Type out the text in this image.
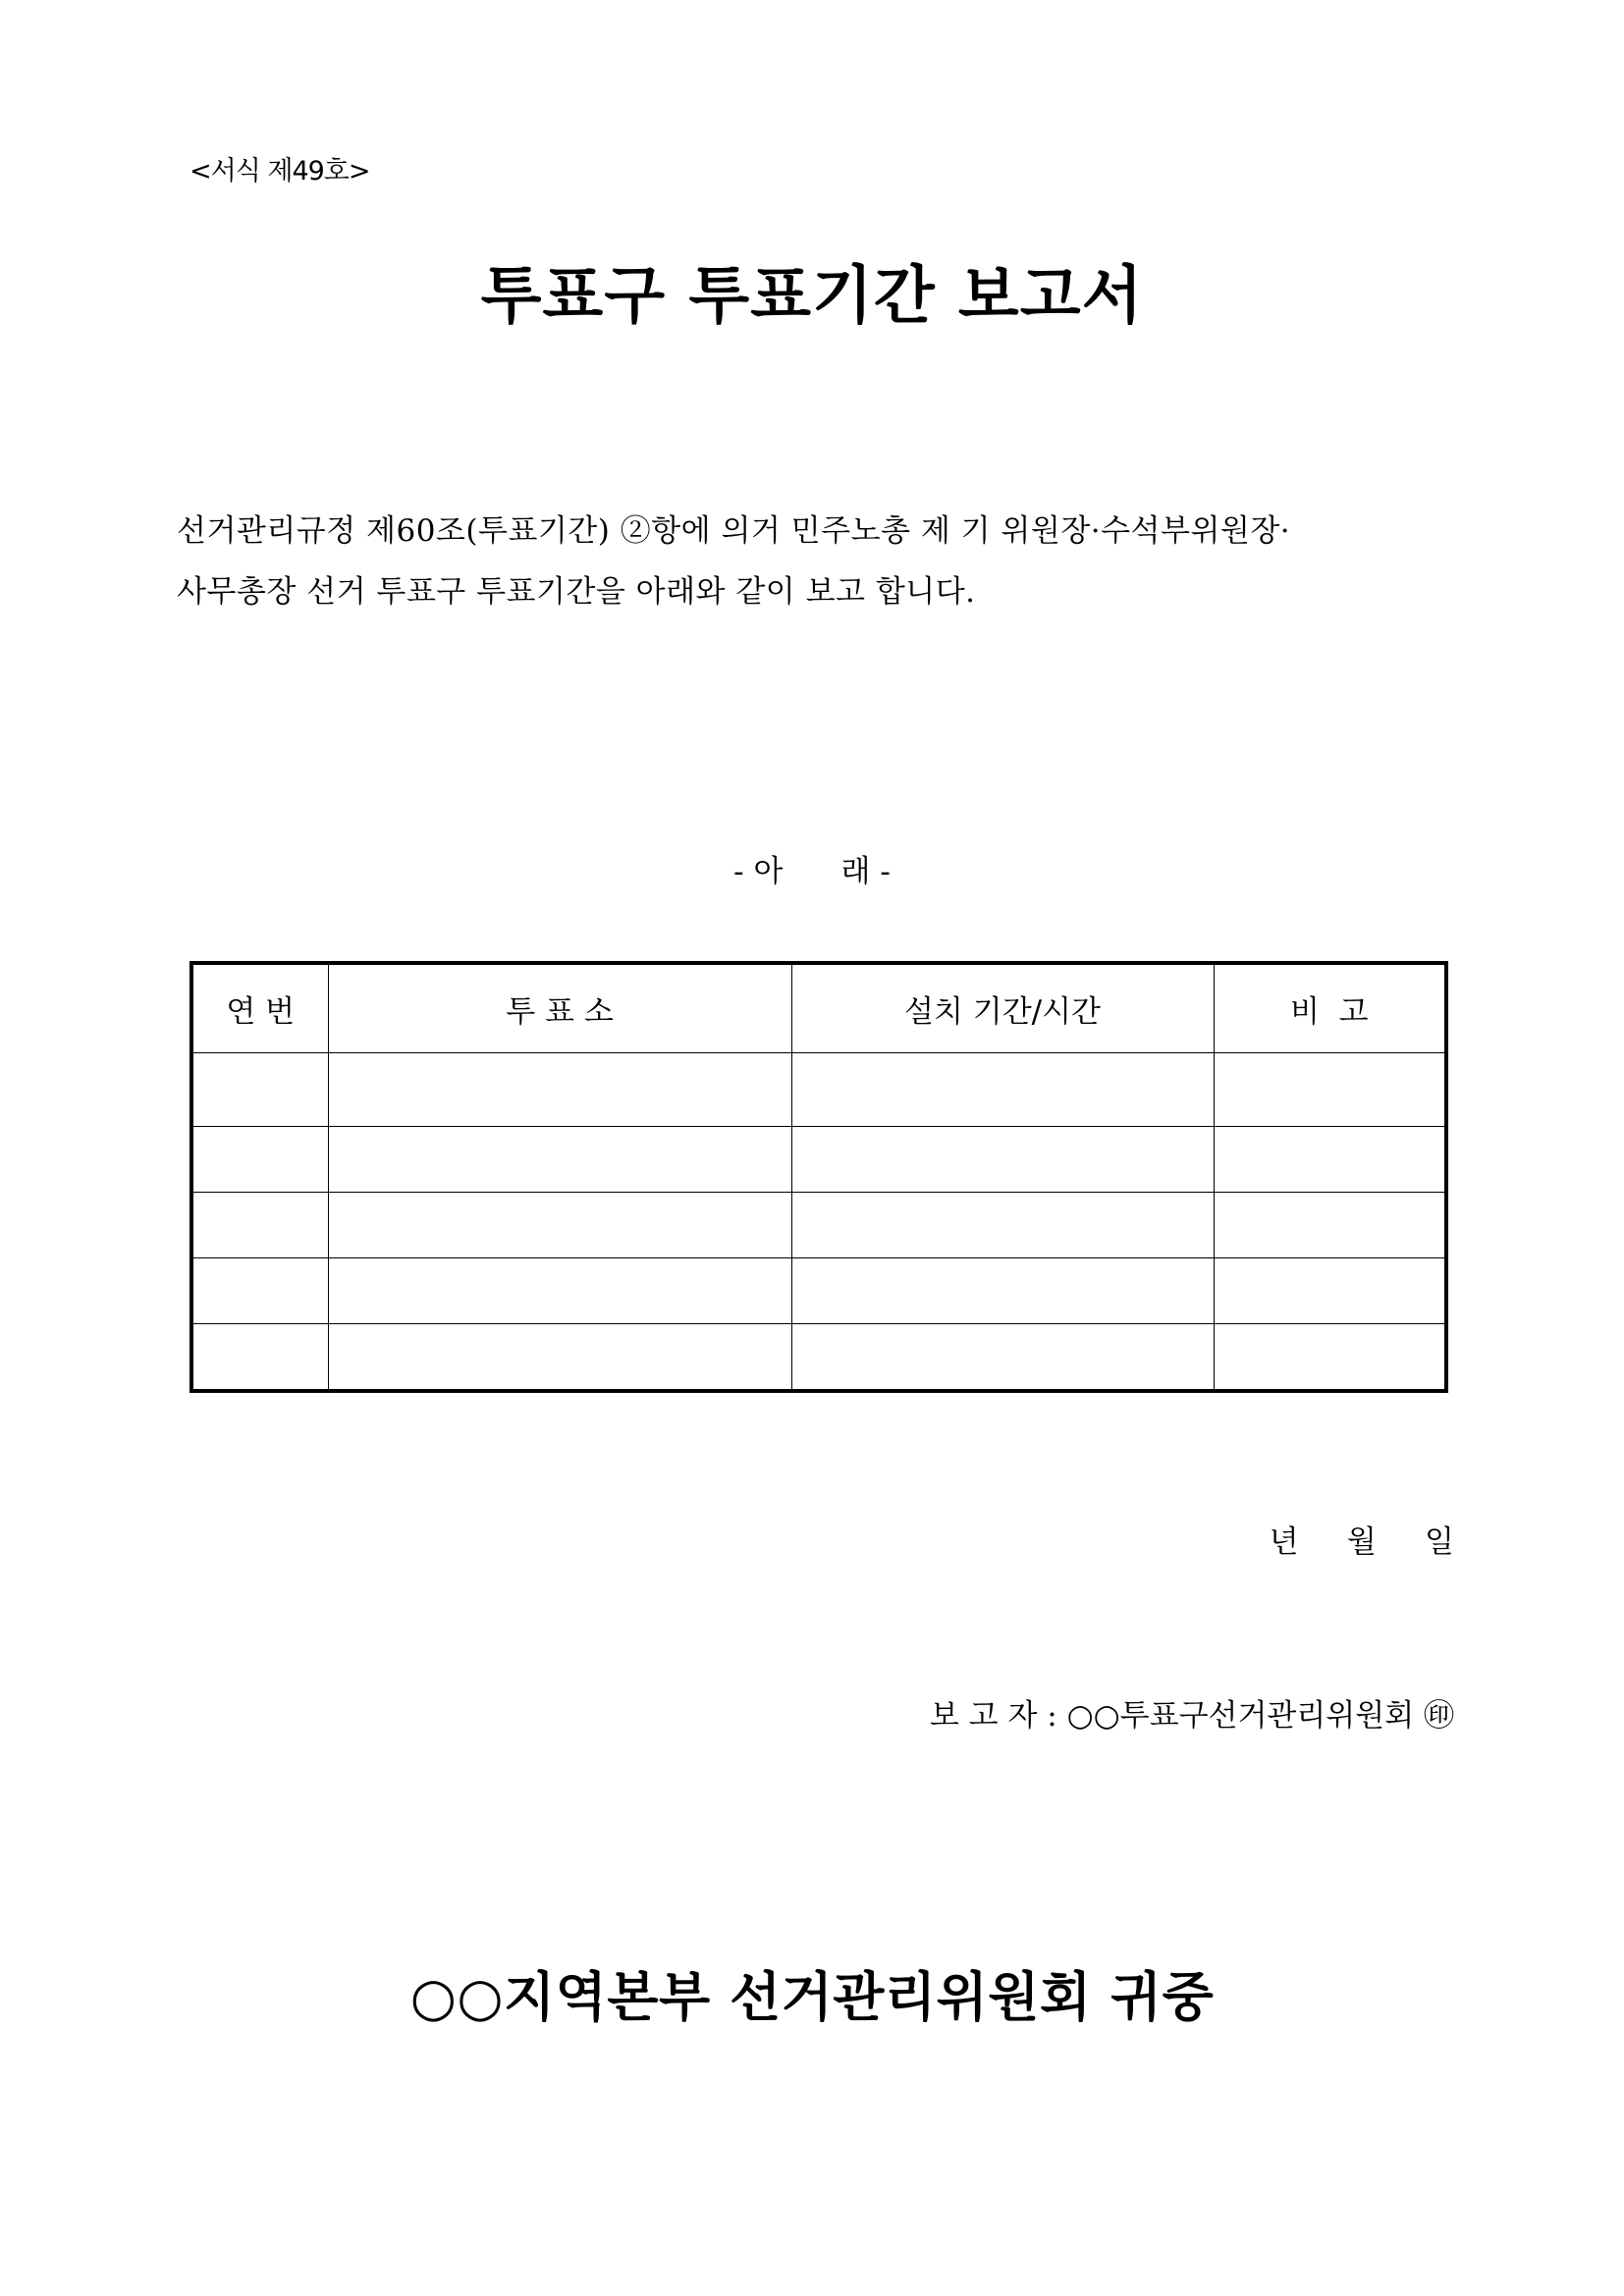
<서식 제49호>
투표구 투표기간 보고서
선거관리규정 제60조(투표기간) ②항에 의거 민주노총 제 기 위원장·수석부위원장·
사무총장 선거 투표구 투표기간을 아래와 같이 보고 합니다.
- 아      래 -
연 번	투 표 소	설치 기간/시간	비  고

년     월     일
보 고 자 : ○○투표구선거관리위원회 ㊞
○○지역본부 선거관리위원회 귀중
